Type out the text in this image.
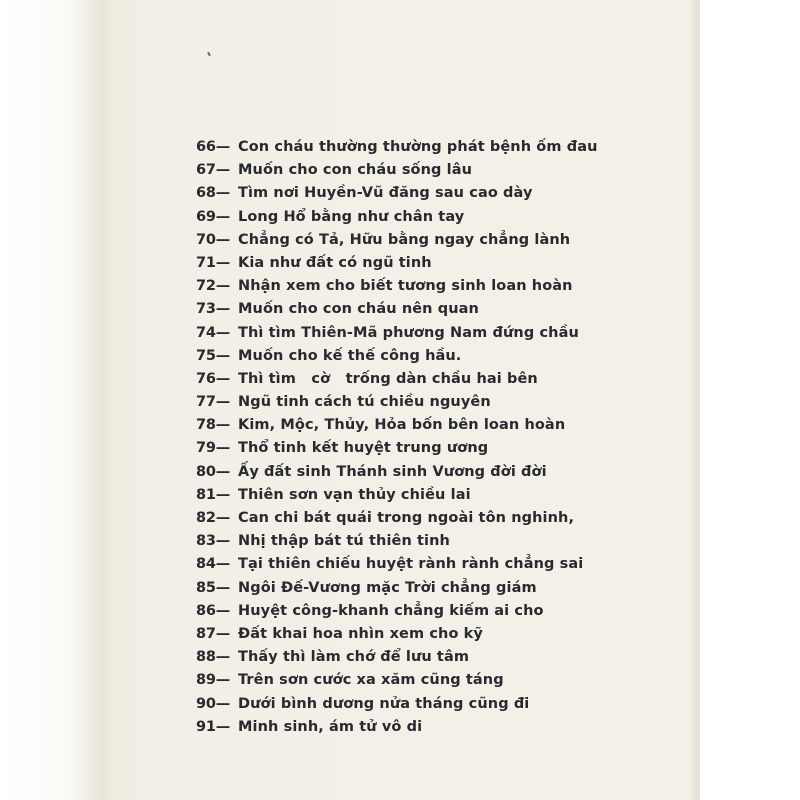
66— Con cháu thường thường phát bệnh ốm đau
67— Muốn cho con cháu sống lâu
68— Tìm nơi Huyền-Vũ đăng sau cao dày
69— Long Hổ bằng như chân tay
70— Chẳng có Tả, Hữu bằng ngay chẳng lành
71— Kia như đất có ngũ tinh
72— Nhận xem cho biết tương sinh loan hoàn
73— Muốn cho con cháu nên quan
74— Thì tìm Thiên-Mã phương Nam đứng chầu
75— Muốn cho kế thế công hầu.
76— Thì tìm   cờ   trống dàn chầu hai bên
77— Ngũ tinh cách tú chiều nguyên
78— Kim, Mộc, Thủy, Hỏa bốn bên loan hoàn
79— Thổ tinh kết huyệt trung ương
80— Ấy đất sinh Thánh sinh Vương đời đời
81— Thiên sơn vạn thủy chiều lai
82— Can chi bát quái trong ngoài tôn nghinh,
83— Nhị thập bát tú thiên tinh
84— Tại thiên chiếu huyệt rành rành chẳng sai
85— Ngôi Đế-Vương mặc Trời chẳng giám
86— Huyệt công-khanh chẳng kiếm ai cho
87— Đất khai hoa nhìn xem cho kỹ
88— Thấy thì làm chớ để lưu tâm
89— Trên sơn cước xa xăm cũng táng
90— Dưới bình dương nửa tháng cũng đi
91— Minh sinh, ám tử vô di
